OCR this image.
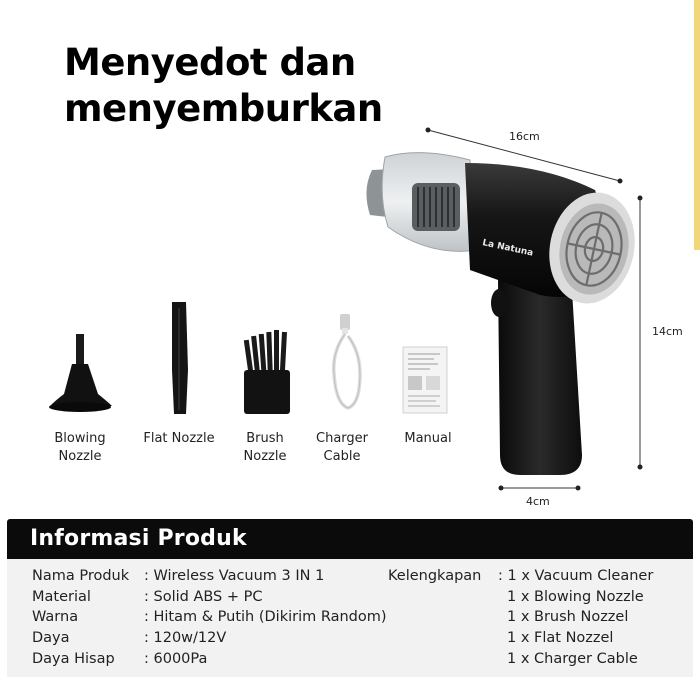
Menyedot dan
menyemburkan
16cm
14cm
4cm
La Natuna
Blowing
Nozzle
Flat Nozzle	Brush
Nozzle
Charger
Cable
Manual
Informasi Produk
Nama Produk : Wireless Vacuum 3 IN 1
Material	: Solid ABS + PC
Warna	: Hitam & Putih (Dikirim Random)
Daya	: 120w/12V
Daya Hisap : 6000Pa
Kelengkapan : 1 x Vacuum Cleaner
1 x Blowing Nozzle
1 x Brush Nozzel
1 x Flat Nozzel
1 x Charger Cable
